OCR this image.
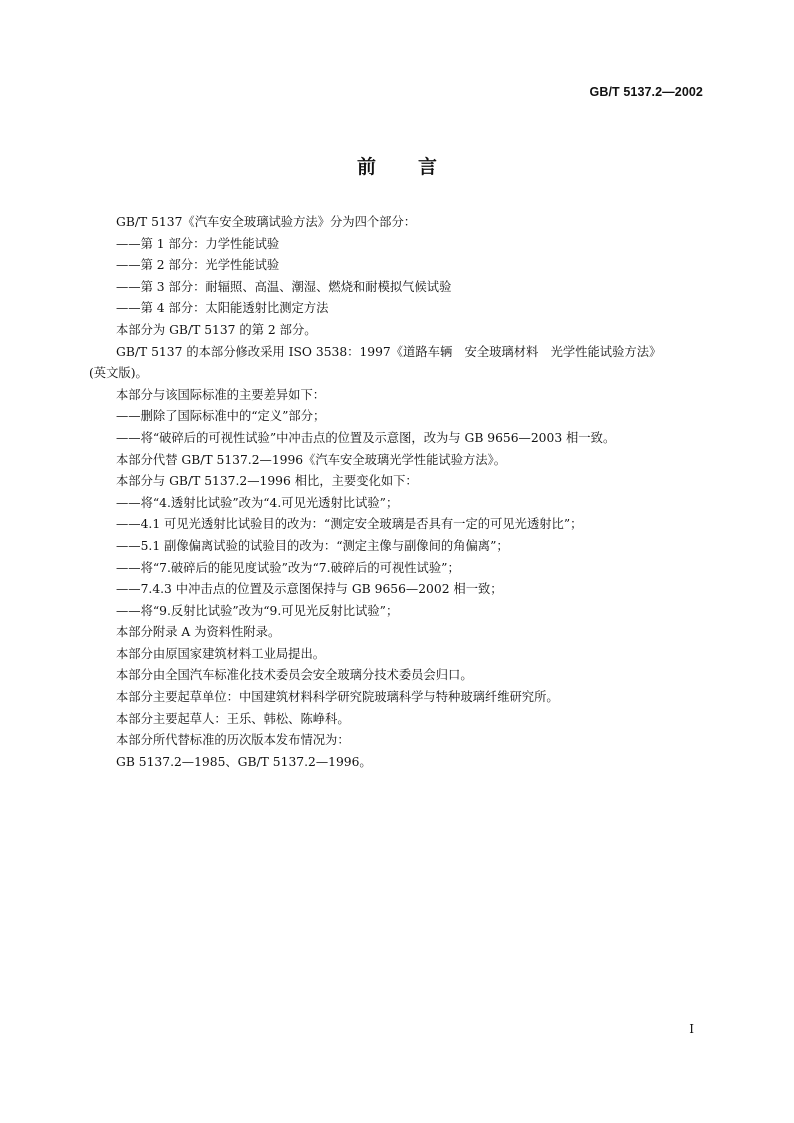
GB/T 5137.2—2002
前 言
GB/T 5137《汽车安全玻璃试验方法》分为四个部分：
——第 1 部分：力学性能试验
——第 2 部分：光学性能试验
——第 3 部分：耐辐照、高温、潮湿、燃烧和耐模拟气候试验
——第 4 部分：太阳能透射比测定方法
本部分为 GB/T 5137 的第 2 部分。
GB/T 5137 的本部分修改采用 ISO 3538：1997《道路车辆　安全玻璃材料　光学性能试验方法》
(英文版)。
本部分与该国际标准的主要差异如下：
——删除了国际标准中的“定义”部分；
——将“破碎后的可视性试验”中冲击点的位置及示意图，改为与 GB 9656—2003 相一致。
本部分代替 GB/T 5137.2—1996《汽车安全玻璃光学性能试验方法》。
本部分与 GB/T 5137.2—1996 相比，主要变化如下：
——将“4.透射比试验”改为“4.可见光透射比试验”；
——4.1 可见光透射比试验目的改为：“测定安全玻璃是否具有一定的可见光透射比”；
——5.1 副像偏离试验的试验目的改为：“测定主像与副像间的角偏离”；
——将“7.破碎后的能见度试验”改为“7.破碎后的可视性试验”；
——7.4.3 中冲击点的位置及示意图保持与 GB 9656—2002 相一致；
——将“9.反射比试验”改为“9.可见光反射比试验”；
本部分附录 A 为资料性附录。
本部分由原国家建筑材料工业局提出。
本部分由全国汽车标准化技术委员会安全玻璃分技术委员会归口。
本部分主要起草单位：中国建筑材料科学研究院玻璃科学与特种玻璃纤维研究所。
本部分主要起草人：王乐、韩松、陈峥科。
本部分所代替标准的历次版本发布情况为：
GB 5137.2—1985、GB/T 5137.2—1996。
I
